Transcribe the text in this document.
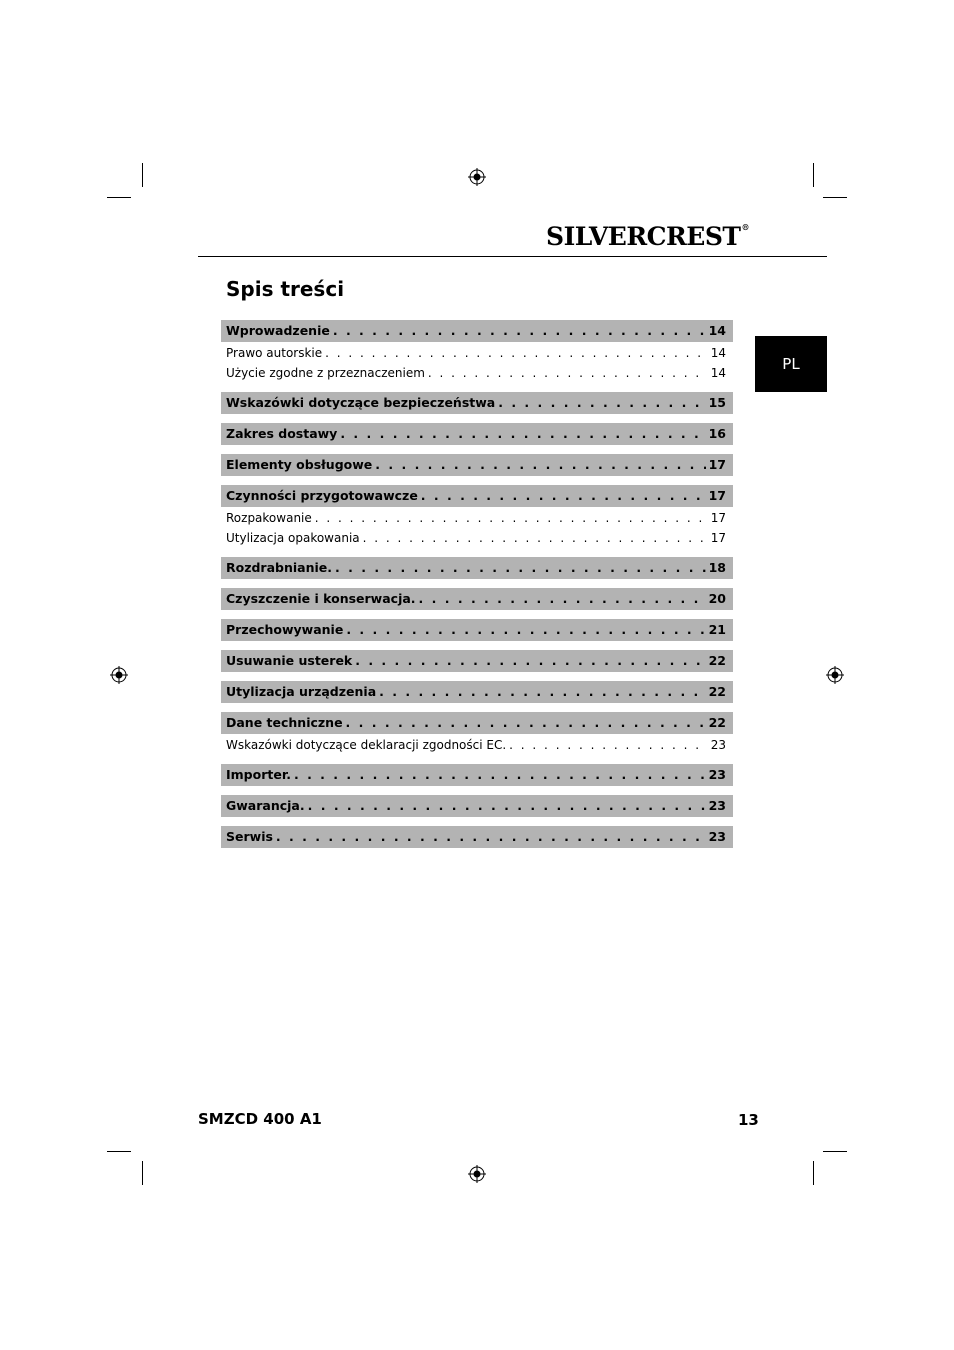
SILVERCREST®
Spis treści
PL
Wprowadzenie . . .	14
Prawo autorskie . . .	14
Użycie zgodne z przeznaczeniem . . .	14
Wskazówki dotyczące bezpieczeństwa . . .	15
Zakres dostawy . . .	16
Elementy obsługowe . . .	17
Czynności przygotowawcze . . .	17
Rozpakowanie . . .	17
Utylizacja opakowania . . .	17
Rozdrabnianie. . . .	18
Czyszczenie i konserwacja. . . .	20
Przechowywanie . . .	21
Usuwanie usterek . . .	22
Utylizacja urządzenia . . .	22
Dane techniczne . . .	22
Wskazówki dotyczące deklaracji zgodności EC. . . .	23
Importer. . . .	23
Gwarancja. . . .	23
Serwis . . .	23
SMZCD 400 A1	13
